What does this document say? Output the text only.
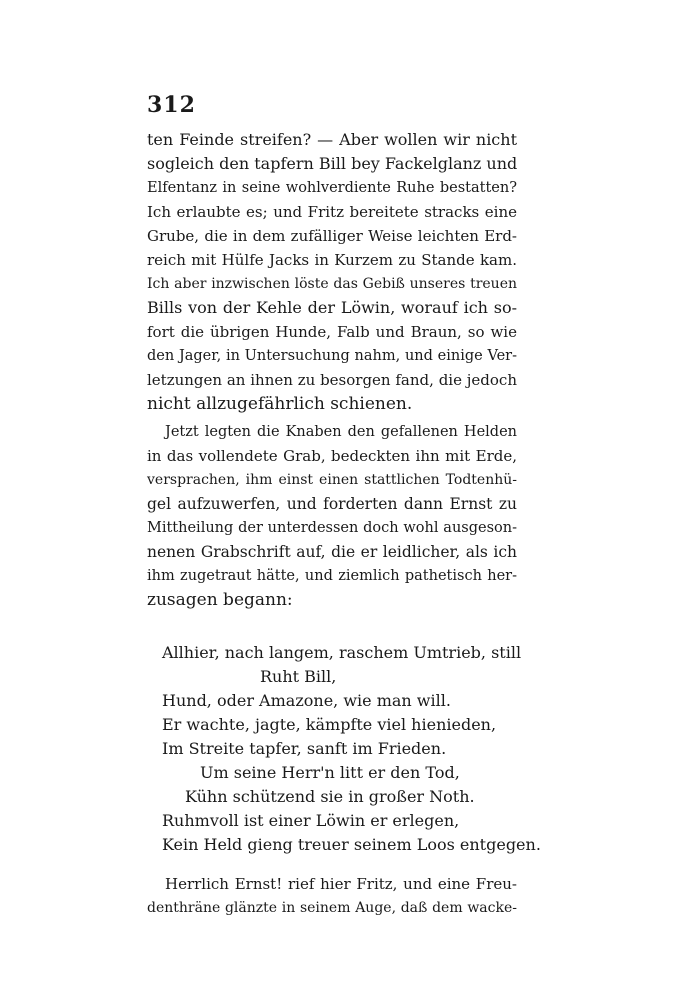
312
ten Feinde streifen? — Aber wollen wir nicht
sogleich den tapfern Bill bey Fackelglanz und
Elfentanz in seine wohlverdiente Ruhe bestatten?
Ich erlaubte es; und Fritz bereitete stracks eine
Grube, die in dem zufälliger Weise leichten Erd-
reich mit Hülfe Jacks in Kurzem zu Stande kam.
Ich aber inzwischen löste das Gebiß unseres treuen
Bills von der Kehle der Löwin, worauf ich so-
fort die übrigen Hunde, Falb und Braun, so wie
den Jager, in Untersuchung nahm, und einige Ver-
letzungen an ihnen zu besorgen fand, die jedoch
nicht allzugefährlich schienen.
Jetzt legten die Knaben den gefallenen Helden
in das vollendete Grab, bedeckten ihn mit Erde,
versprachen, ihm einst einen stattlichen Todtenhü-
gel aufzuwerfen, und forderten dann Ernst zu
Mittheilung der unterdessen doch wohl ausgeson-
nenen Grabschrift auf, die er leidlicher, als ich
ihm zugetraut hätte, und ziemlich pathetisch her-
zusagen begann:
Allhier, nach langem, raschem Umtrieb, still
Ruht Bill,
Hund, oder Amazone, wie man will.
Er wachte, jagte, kämpfte viel hienieden,
Im Streite tapfer, sanft im Frieden.
Um seine Herr'n litt er den Tod,
Kühn schützend sie in großer Noth.
Ruhmvoll ist einer Löwin er erlegen,
Kein Held gieng treuer seinem Loos entgegen.
Herrlich Ernst! rief hier Fritz, und eine Freu-
denthräne glänzte in seinem Auge, daß dem wacke-
